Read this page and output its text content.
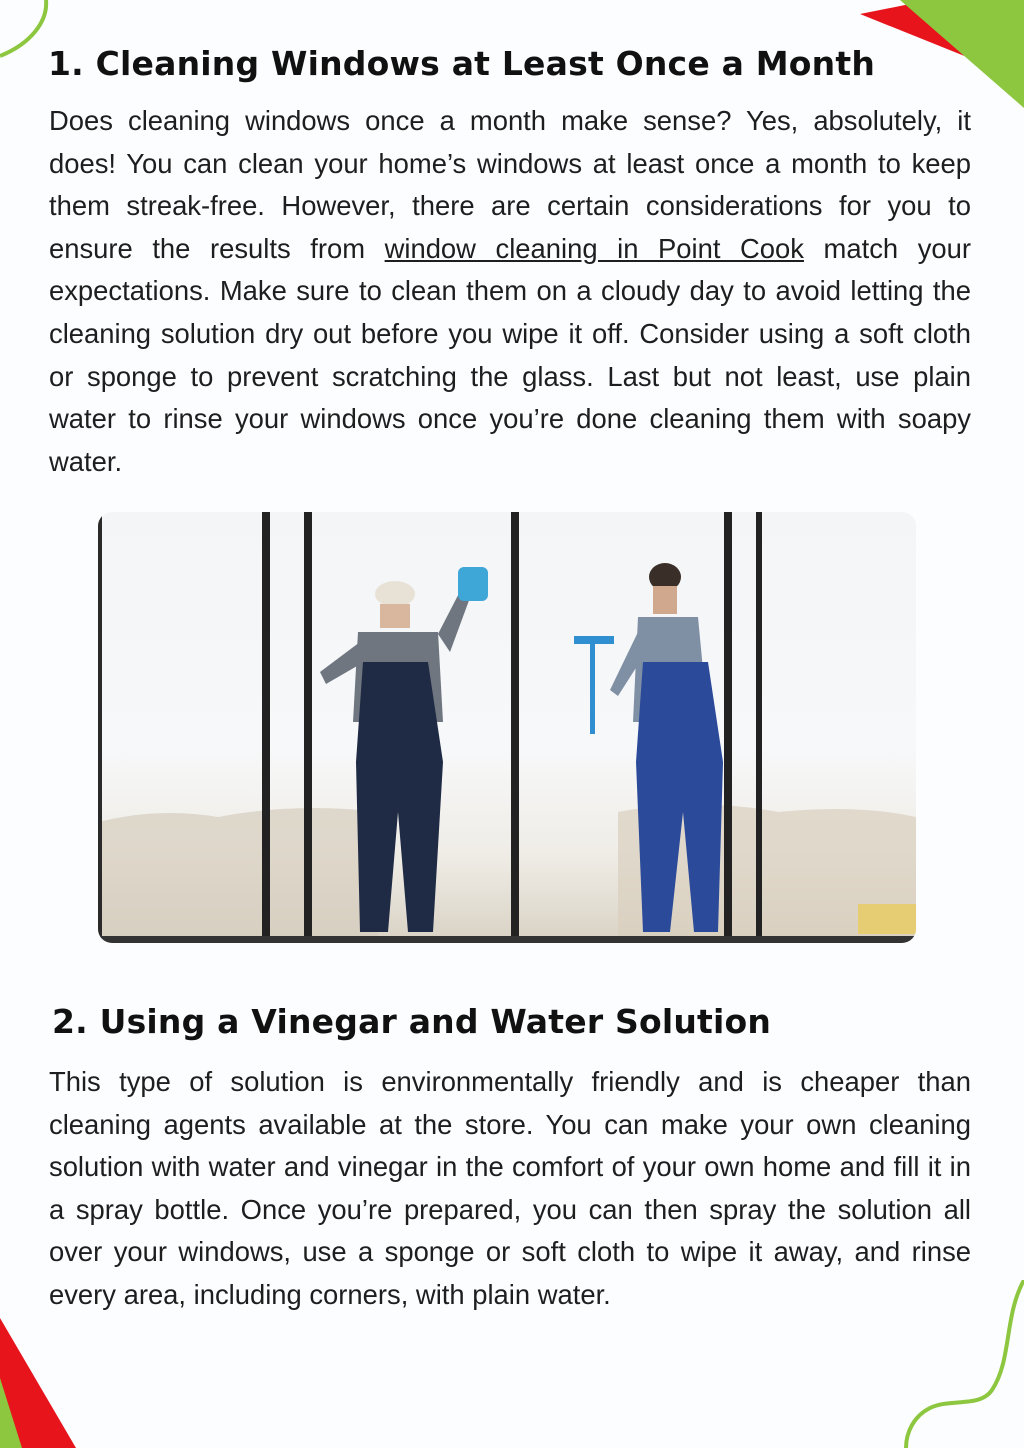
1. Cleaning Windows at Least Once a Month

Does cleaning windows once a month make sense? Yes, absolutely, it does! You can clean your home’s windows at least once a month to keep them streak-free. However, there are certain considerations for you to ensure the results from window cleaning in Point Cook match your expectations. Make sure to clean them on a cloudy day to avoid letting the cleaning solution dry out before you wipe it off. Consider using a soft cloth or sponge to prevent scratching the glass. Last but not least, use plain water to rinse your windows once you’re done cleaning them with soapy water.

2. Using a Vinegar and Water Solution

This type of solution is environmentally friendly and is cheaper than cleaning agents available at the store. You can make your own cleaning solution with water and vinegar in the comfort of your own home and fill it in a spray bottle. Once you’re prepared, you can then spray the solution all over your windows, use a sponge or soft cloth to wipe it away, and rinse every area, including corners, with plain water.
